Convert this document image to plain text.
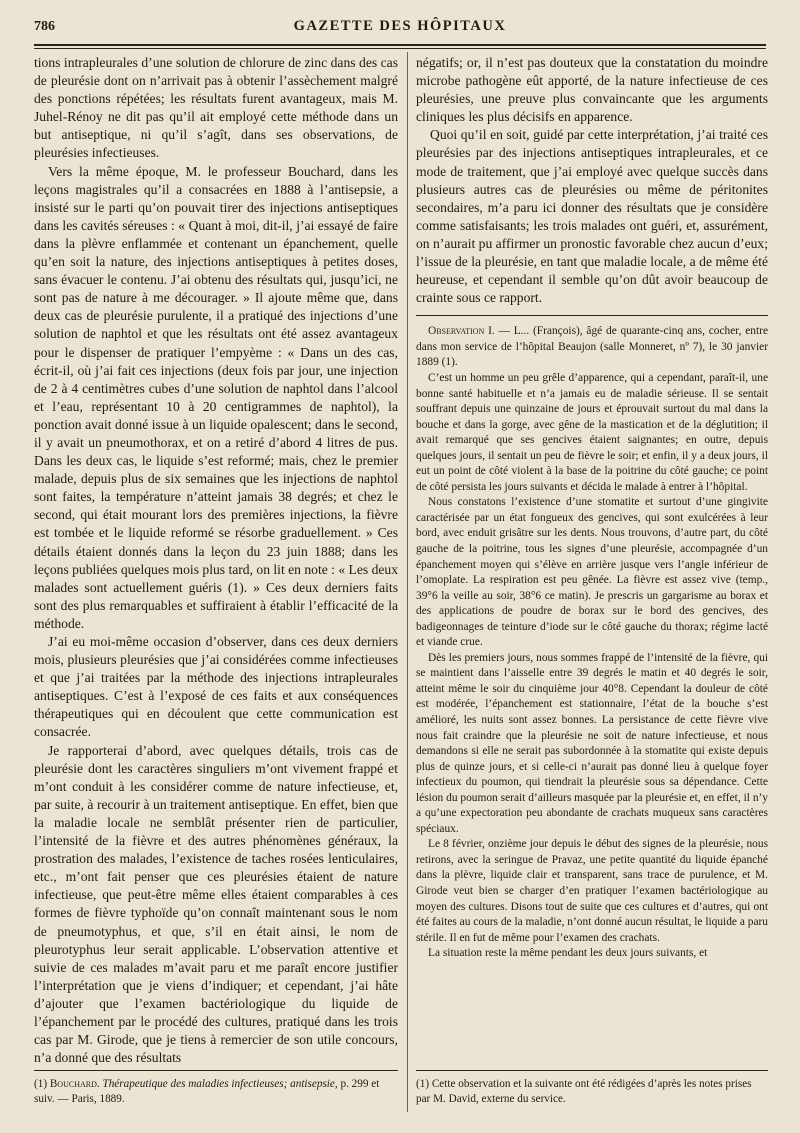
786	GAZETTE DES HÔPITAUX

tions intrapleurales d’une solution de chlorure de zinc dans des cas de pleurésie dont on n’arrivait pas à obtenir l’assèchement malgré des ponctions répétées; les résultats furent avantageux, mais M. Juhel-Rénoy ne dit pas qu’il ait employé cette méthode dans un but antiseptique, ni qu’il s’agît, dans ses observations, de pleurésies infectieuses.

Vers la même époque, M. le professeur Bouchard, dans les leçons magistrales qu’il a consacrées en 1888 à l’antisepsie, a insisté sur le parti qu’on pouvait tirer des injections antiseptiques dans les cavités séreuses : « Quant à moi, dit-il, j’ai essayé de faire dans la plèvre enflammée et contenant un épanchement, quelle qu’en soit la nature, des injections antiseptiques à petites doses, sans évacuer le contenu. J’ai obtenu des résultats qui, jusqu’ici, ne sont pas de nature à me décourager. » Il ajoute même que, dans deux cas de pleurésie purulente, il a pratiqué des injections d’une solution de naphtol et que les résultats ont été assez avantageux pour le dispenser de pratiquer l’empyème : « Dans un des cas, écrit-il, où j’ai fait ces injections (deux fois par jour, une injection de 2 à 4 centimètres cubes d’une solution de naphtol dans l’alcool et l’eau, représentant 10 à 20 centigrammes de naphtol), la ponction avait donné issue à un liquide opalescent; dans le second, il y avait un pneumothorax, et on a retiré d’abord 4 litres de pus. Dans les deux cas, le liquide s’est reformé; mais, chez le premier malade, depuis plus de six semaines que les injections de naphtol sont faites, la température n’atteint jamais 38 degrés; et chez le second, qui était mourant lors des premières injections, la fièvre est tombée et le liquide reformé se résorbe graduellement. » Ces détails étaient donnés dans la leçon du 23 juin 1888; dans les leçons publiées quelques mois plus tard, on lit en note : « Les deux malades sont actuellement guéris (1). » Ces deux derniers faits sont des plus remarquables et suffiraient à établir l’efficacité de la méthode.

J’ai eu moi-même occasion d’observer, dans ces deux derniers mois, plusieurs pleurésies que j’ai considérées comme infectieuses et que j’ai traitées par la méthode des injections intrapleurales antiseptiques. C’est à l’exposé de ces faits et aux conséquences thérapeutiques qui en découlent que cette communication est consacrée.

Je rapporterai d’abord, avec quelques détails, trois cas de pleurésie dont les caractères singuliers m’ont vivement frappé et m’ont conduit à les considérer comme de nature infectieuse, et, par suite, à recourir à un traitement antiseptique. En effet, bien que la maladie locale ne semblât présenter rien de particulier, l’intensité de la fièvre et des autres phénomènes généraux, la prostration des malades, l’existence de taches rosées lenticulaires, etc., m’ont fait penser que ces pleurésies étaient de nature infectieuse, que peut-être même elles étaient comparables à ces formes de fièvre typhoïde qu’on connaît maintenant sous le nom de pneumotyphus, et que, s’il en était ainsi, le nom de pleurotyphus leur serait applicable. L’observation attentive et suivie de ces malades m’avait paru et me paraît encore justifier l’interprétation que je viens d’indiquer; et cependant, j’ai hâte d’ajouter que l’examen bactériologique du liquide de l’épanchement par le procédé des cultures, pratiqué dans les trois cas par M. Girode, que je tiens à remercier de son utile concours, n’a donné que des résultats

négatifs; or, il n’est pas douteux que la constatation du moindre microbe pathogène eût apporté, de la nature infectieuse de ces pleurésies, une preuve plus convaincante que les arguments cliniques les plus décisifs en apparence.

Quoi qu’il en soit, guidé par cette interprétation, j’ai traité ces pleurésies par des injections antiseptiques intrapleurales, et ce mode de traitement, que j’ai employé avec quelque succès dans plusieurs autres cas de pleurésies ou même de péritonites secondaires, m’a paru ici donner des résultats que je considère comme satisfaisants; les trois malades ont guéri, et, assurément, on n’aurait pu affirmer un pronostic favorable chez aucun d’eux; l’issue de la pleurésie, en tant que maladie locale, a de même été heureuse, et cependant il semble qu’on dût avoir beaucoup de crainte sous ce rapport.

Observation I. — L... (François), âgé de quarante-cinq ans, cocher, entre dans mon service de l’hôpital Beaujon (salle Monneret, nº 7), le 30 janvier 1889 (1).

C’est un homme un peu grêle d’apparence, qui a cependant, paraît-il, une bonne santé habituelle et n’a jamais eu de maladie sérieuse. Il se sentait souffrant depuis une quinzaine de jours et éprouvait surtout du mal dans la bouche et dans la gorge, avec gêne de la mastication et de la déglutition; il avait remarqué que ses gencives étaient saignantes; en outre, depuis quelques jours, il sentait un peu de fièvre le soir; et enfin, il y a deux jours, il eut un point de côté violent à la base de la poitrine du côté gauche; ce point de côté persista les jours suivants et décida le malade à entrer à l’hôpital.

Nous constatons l’existence d’une stomatite et surtout d’une gingivite caractérisée par un état fongueux des gencives, qui sont exulcérées à leur bord, avec enduit grisâtre sur les dents. Nous trouvons, d’autre part, du côté gauche de la poitrine, tous les signes d’une pleurésie, accompagnée d’un épanchement moyen qui s’élève en arrière jusque vers l’angle inférieur de l’omoplate. La respiration est peu gênée. La fièvre est assez vive (temp., 39°6 la veille au soir, 38°6 ce matin). Je prescris un gargarisme au borax et des applications de poudre de borax sur le bord des gencives, des badigeonnages de teinture d’iode sur le côté gauche du thorax; régime lacté et viande crue.

Dès les premiers jours, nous sommes frappé de l’intensité de la fièvre, qui se maintient dans l’aisselle entre 39 degrés le matin et 40 degrés le soir, atteint même le soir du cinquième jour 40°8. Cependant la douleur de côté est modérée, l’épanchement est stationnaire, l’état de la bouche s’est amélioré, les nuits sont assez bonnes. La persistance de cette fièvre vive nous fait craindre que la pleurésie ne soit de nature infectieuse, et nous demandons si elle ne serait pas subordonnée à la stomatite qui existe depuis plus de quinze jours, et si celle-ci n’aurait pas donné lieu à quelque foyer infectieux du poumon, qui tiendrait la pleurésie sous sa dépendance. Cette lésion du poumon serait d’ailleurs masquée par la pleurésie et, en effet, il n’y a qu’une expectoration peu abondante de crachats muqueux sans caractères spéciaux.

Le 8 février, onzième jour depuis le début des signes de la pleurésie, nous retirons, avec la seringue de Pravaz, une petite quantité du liquide épanché dans la plèvre, liquide clair et transparent, sans trace de purulence, et M. Girode veut bien se charger d’en pratiquer l’examen bactériologique au moyen des cultures. Disons tout de suite que ces cultures et d’autres, qui ont été faites au cours de la maladie, n’ont donné aucun résultat, le liquide a paru stérile. Il en fut de même pour l’examen des crachats.

La situation reste la même pendant les deux jours suivants, et

(1) Bouchard. Thérapeutique des maladies infectieuses; antisepsie, p. 299 et suiv. — Paris, 1889.

(1) Cette observation et la suivante ont été rédigées d’après les notes prises par M. David, externe du service.
